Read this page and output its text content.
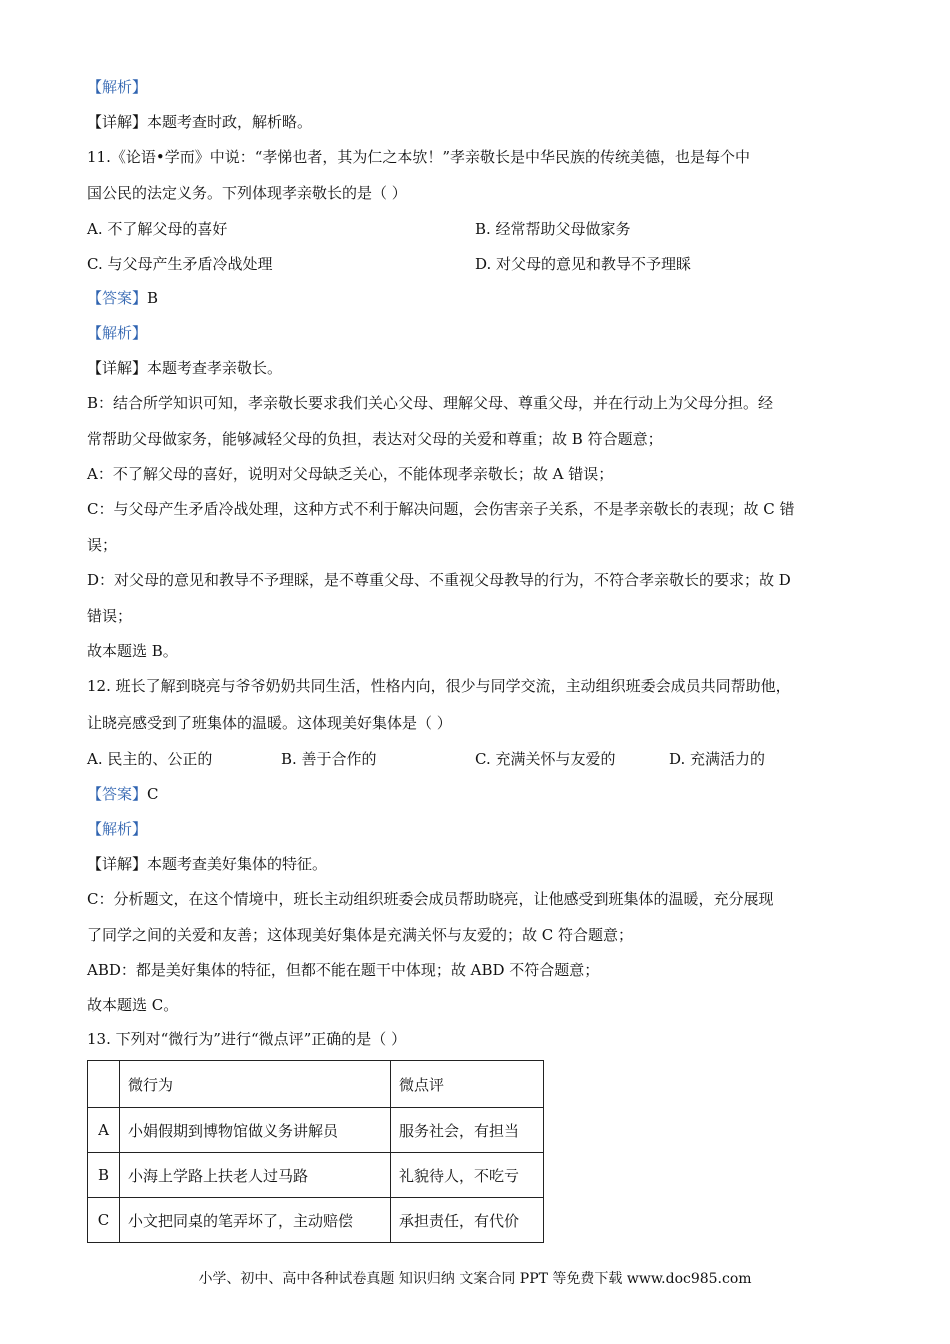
【解析】
【详解】本题考查时政，解析略。
11.《论语•学而》中说：“孝悌也者，其为仁之本欤！”孝亲敬长是中华民族的传统美德，也是每个中
国公民的法定义务。下列体现孝亲敬长的是（ ）
A. 不了解父母的喜好	B. 经常帮助父母做家务
C. 与父母产生矛盾冷战处理	D. 对父母的意见和教导不予理睬
【答案】B
【解析】
【详解】本题考查孝亲敬长。
B：结合所学知识可知，孝亲敬长要求我们关心父母、理解父母、尊重父母，并在行动上为父母分担。经
常帮助父母做家务，能够减轻父母的负担，表达对父母的关爱和尊重；故 B 符合题意；
A：不了解父母的喜好，说明对父母缺乏关心，不能体现孝亲敬长；故 A 错误；
C：与父母产生矛盾冷战处理，这种方式不利于解决问题，会伤害亲子关系，不是孝亲敬长的表现；故 C 错
误；
D：对父母的意见和教导不予理睬，是不尊重父母、不重视父母教导的行为，不符合孝亲敬长的要求；故 D
错误；
故本题选 B。
12. 班长了解到晓亮与爷爷奶奶共同生活，性格内向，很少与同学交流，主动组织班委会成员共同帮助他，
让晓亮感受到了班集体的温暖。这体现美好集体是（ ）
A. 民主的、公正的	B. 善于合作的	C. 充满关怀与友爱的	D. 充满活力的
【答案】C
【解析】
【详解】本题考查美好集体的特征。
C：分析题文，在这个情境中，班长主动组织班委会成员帮助晓亮，让他感受到班集体的温暖，充分展现
了同学之间的关爱和友善；这体现美好集体是充满关怀与友爱的；故 C 符合题意；
ABD：都是美好集体的特征，但都不能在题干中体现；故 ABD 不符合题意；
故本题选 C。
13. 下列对“微行为”进行“微点评”正确的是（ ）
	微行为	微点评
A	小娟假期到博物馆做义务讲解员	服务社会，有担当
B	小海上学路上扶老人过马路	礼貌待人，不吃亏
C	小文把同桌的笔弄坏了，主动赔偿	承担责任，有代价
小学、初中、高中各种试卷真题 知识归纳 文案合同 PPT 等免费下载 www.doc985.com
